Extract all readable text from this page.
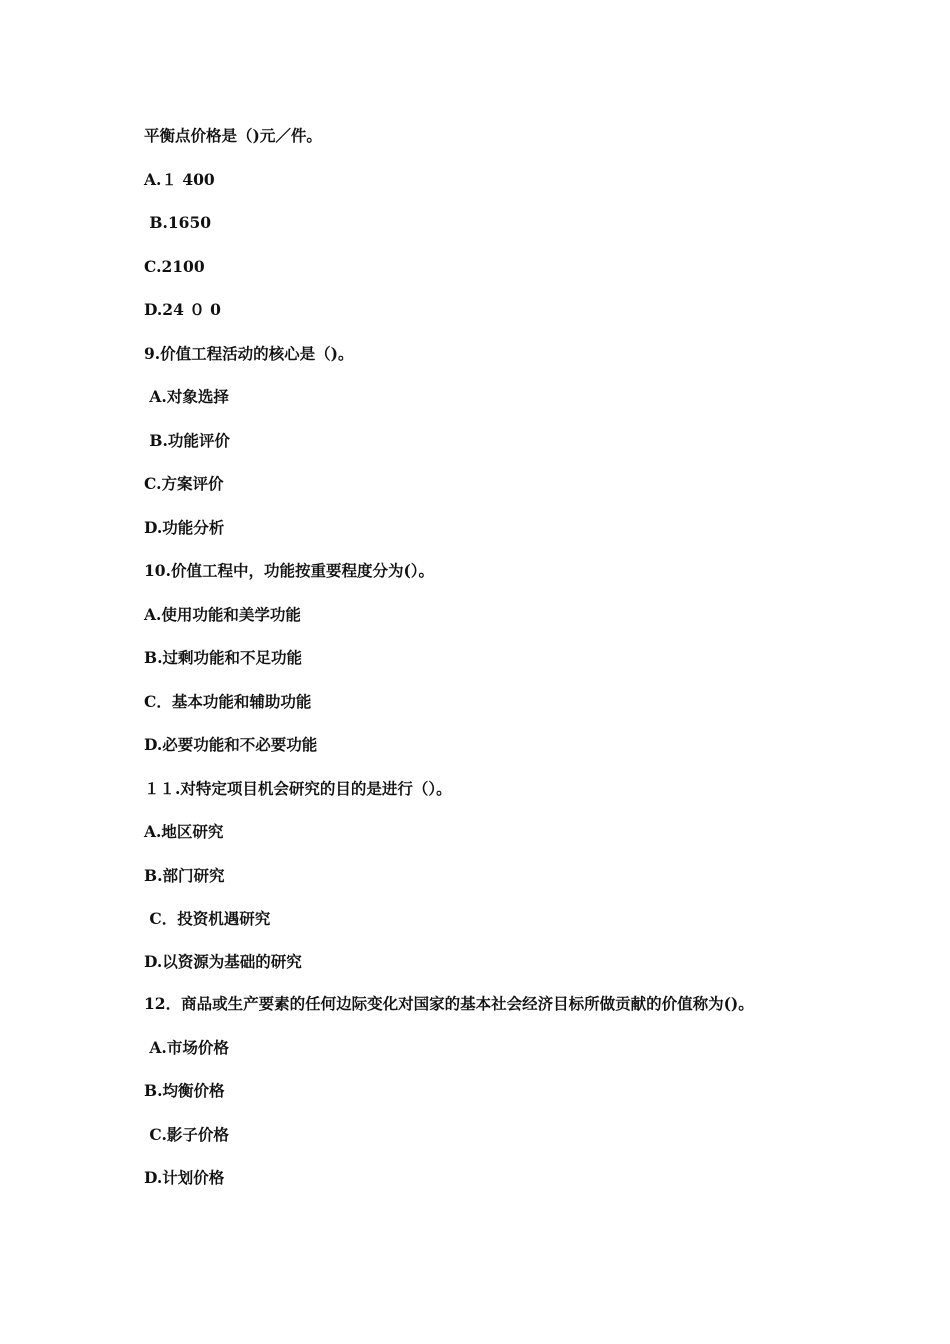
平衡点价格是（)元／件。

A.１ 400

B.1650

C.2100

D.24 ０ 0

9.价值工程活动的核心是（)。

A.对象选择

B.功能评价

C.方案评价

D.功能分析

10.价值工程中，功能按重要程度分为(）。

A.使用功能和美学功能

B.过剩功能和不足功能

C．基本功能和辅助功能

D.必要功能和不必要功能

１１.对特定项目机会研究的目的是进行（）。

A.地区研究

B.部门研究

C．投资机遇研究

D.以资源为基础的研究

12．商品或生产要素的任何边际变化对国家的基本社会经济目标所做贡献的价值称为()。

A.市场价格

B.均衡价格

C.影子价格

D.计划价格
